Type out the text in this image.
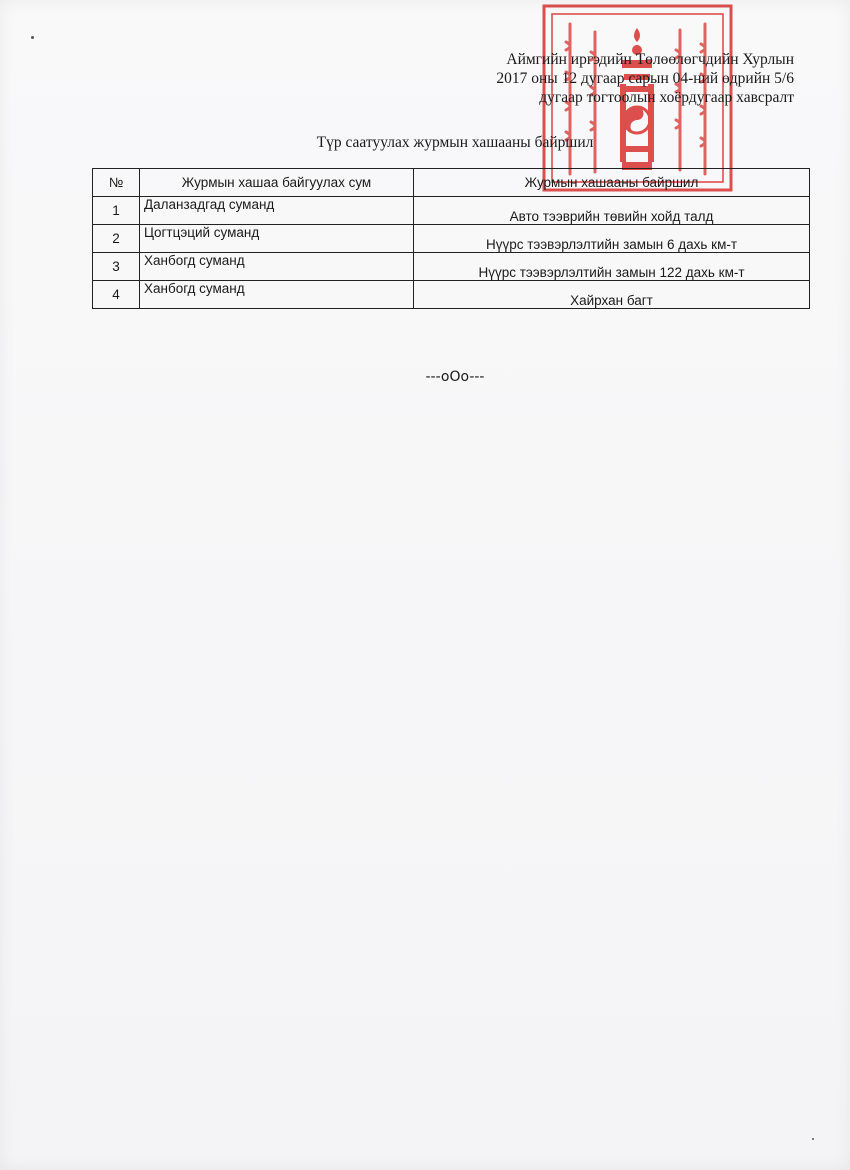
Аймгийн иргэдийн Төлөөлөгчдийн Хурлын
2017 оны 12 дугаар сарын 04-ний өдрийн 5/6
дугаар тогтоолын хоёрдугаар хавсралт
Түр саатуулах журмын хашааны байршил
№	Журмын хашаа байгуулах сум	Журмын хашааны байршил
1	Даланзадгад суманд	Авто тээврийн төвийн хойд талд
2	Цогтцэций суманд	Нүүрс тээвэрлэлтийн замын 6 дахь км-т
3	Ханбогд суманд	Нүүрс тээвэрлэлтийн замын 122 дахь км-т
4	Ханбогд суманд	Хайрхан багт
---oOo---
